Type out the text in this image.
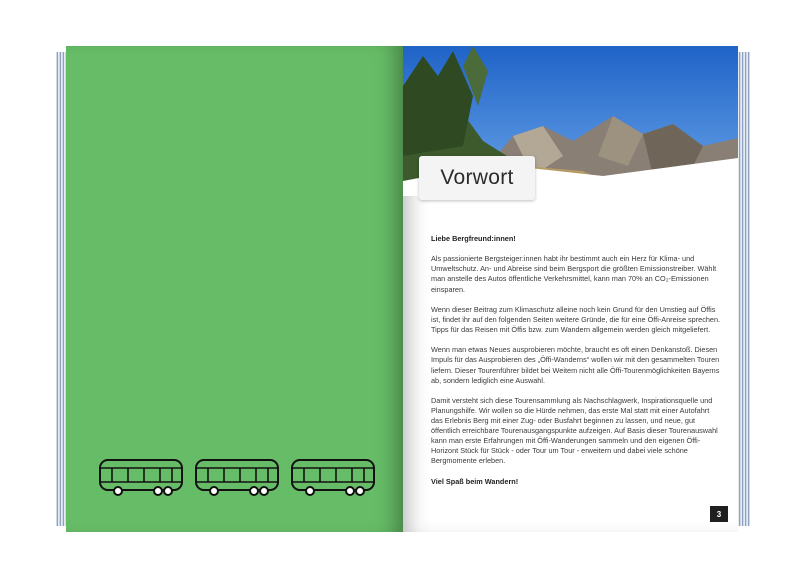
Vorwort

Liebe Bergfreund:innen!

Als passionierte Bergsteiger:innen habt ihr bestimmt auch ein Herz für Klima- und Umweltschutz. An- und Abreise sind beim Bergsport die größten Emissionstreiber. Wählt man anstelle des Autos öffentliche Verkehrsmittel, kann man 70% an CO₂-Emissionen einsparen.

Wenn dieser Beitrag zum Klimaschutz alleine noch kein Grund für den Umstieg auf Öffis ist, findet ihr auf den folgenden Seiten weitere Gründe, die für eine Öffi-Anreise sprechen. Tipps für das Reisen mit Öffis bzw. zum Wandern allgemein werden gleich mitgeliefert.

Wenn man etwas Neues ausprobieren möchte, braucht es oft einen Denkanstoß. Diesen Impuls für das Ausprobieren des „Öffi-Wanderns“ wollen wir mit den gesammelten Touren liefern. Dieser Tourenführer bildet bei Weitem nicht alle Öffi-Tourenmöglichkeiten Bayerns ab, sondern lediglich eine Auswahl.

Damit versteht sich diese Tourensammlung als Nachschlagwerk, Inspirationsquelle und Planungshilfe. Wir wollen so die Hürde nehmen, das erste Mal statt mit einer Autofahrt das Erlebnis Berg mit einer Zug- oder Busfahrt beginnen zu lassen, und neue, gut öffentlich erreichbare Tourenausgangspunkte aufzeigen. Auf Basis dieser Tourenauswahl kann man erste Erfahrungen mit Öffi-Wanderungen sammeln und den eigenen Öffi-Horizont Stück für Stück - oder Tour um Tour - erweitern und dabei viele schöne Bergmomente erleben.

Viel Spaß beim Wandern!

3
